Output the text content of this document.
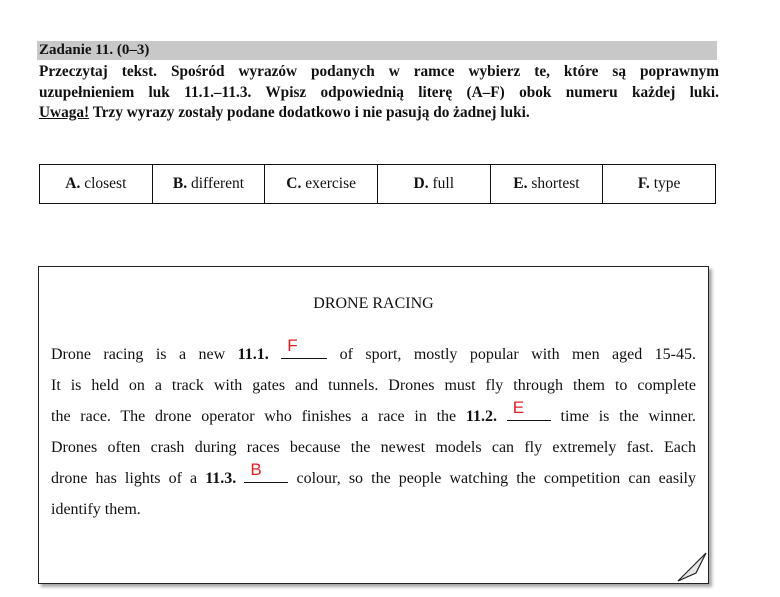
Zadanie 11. (0–3)
Przeczytaj tekst. Spośród wyrazów podanych w ramce wybierz te, które są poprawnym
uzupełnieniem luk 11.1.–11.3. Wpisz odpowiednią literę (A–F) obok numeru każdej luki.
Uwaga! Trzy wyrazy zostały podane dodatkowo i nie pasują do żadnej luki.
A. closest	B. different	C. exercise	D. full	E. shortest	F. type
DRONE RACING
Drone racing is a new 11.1. F of sport, mostly popular with men aged 15-45.
It is held on a track with gates and tunnels. Drones must fly through them to complete
the race. The drone operator who finishes a race in the 11.2. E time is the winner.
Drones often crash during races because the newest models can fly extremely fast. Each
drone has lights of a 11.3. B colour, so the people watching the competition can easily
identify them.
